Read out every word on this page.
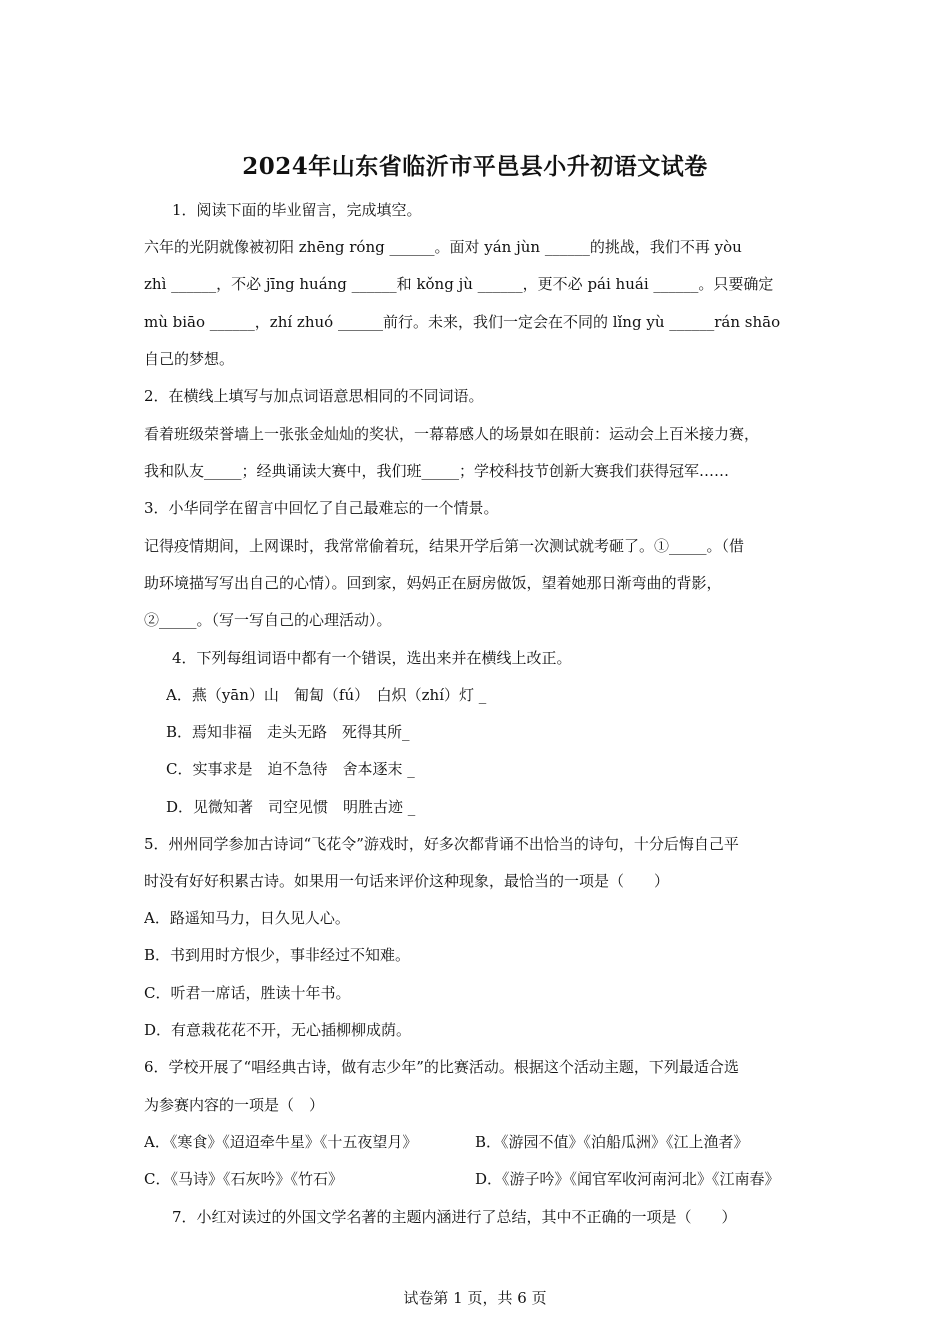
2024年山东省临沂市平邑县小升初语文试卷
1．阅读下面的毕业留言，完成填空。
六年的光阴就像被初阳 zhēng róng ______。面对 yán jùn ______的挑战，我们不再 yòu
zhì ______，不必 jīng huáng ______和 kǒng jù ______，更不必 pái huái ______。只要确定
mù biāo ______，zhí zhuó ______前行。未来，我们一定会在不同的 lǐng yù ______rán shāo
自己的梦想。
2．在横线上填写与加点词语意思相同的不同词语。
看着班级荣誉墙上一张张金灿灿的奖状，一幕幕感人的场景如在眼前：运动会上百米接力赛，
我和队友_____；经典诵读大赛中，我们班_____；学校科技节创新大赛我们获得冠军……
3．小华同学在留言中回忆了自己最难忘的一个情景。
记得疫情期间，上网课时，我常常偷着玩，结果开学后第一次测试就考砸了。①_____。（借
助环境描写写出自己的心情）。回到家，妈妈正在厨房做饭，望着她那日渐弯曲的背影，
②_____。（写一写自己的心理活动）。
4．下列每组词语中都有一个错误，选出来并在横线上改正。
A．燕（yān）山　匍匐（fú）　白炽（zhí）灯 _
B．焉知非福　走头无路　死得其所_
C．实事求是　迫不急待　舍本逐末 _
D．见微知著　司空见惯　明胜古迹 _
5．州州同学参加古诗词“飞花令”游戏时，好多次都背诵不出恰当的诗句，十分后悔自己平
时没有好好积累古诗。如果用一句话来评价这种现象，最恰当的一项是（　　）
A．路遥知马力，日久见人心。
B．书到用时方恨少，事非经过不知难。
C．听君一席话，胜读十年书。
D．有意栽花花不开，无心插柳柳成荫。
6．学校开展了“唱经典古诗，做有志少年”的比赛活动。根据这个活动主题，下列最适合选
为参赛内容的一项是（　）
A．《寒食》《迢迢牵牛星》《十五夜望月》	B．《游园不值》《泊船瓜洲》《江上渔者》
C．《马诗》《石灰吟》《竹石》	D．《游子吟》《闻官军收河南河北》《江南春》
7．小红对读过的外国文学名著的主题内涵进行了总结，其中不正确的一项是（　　）
试卷第 1 页，共 6 页
